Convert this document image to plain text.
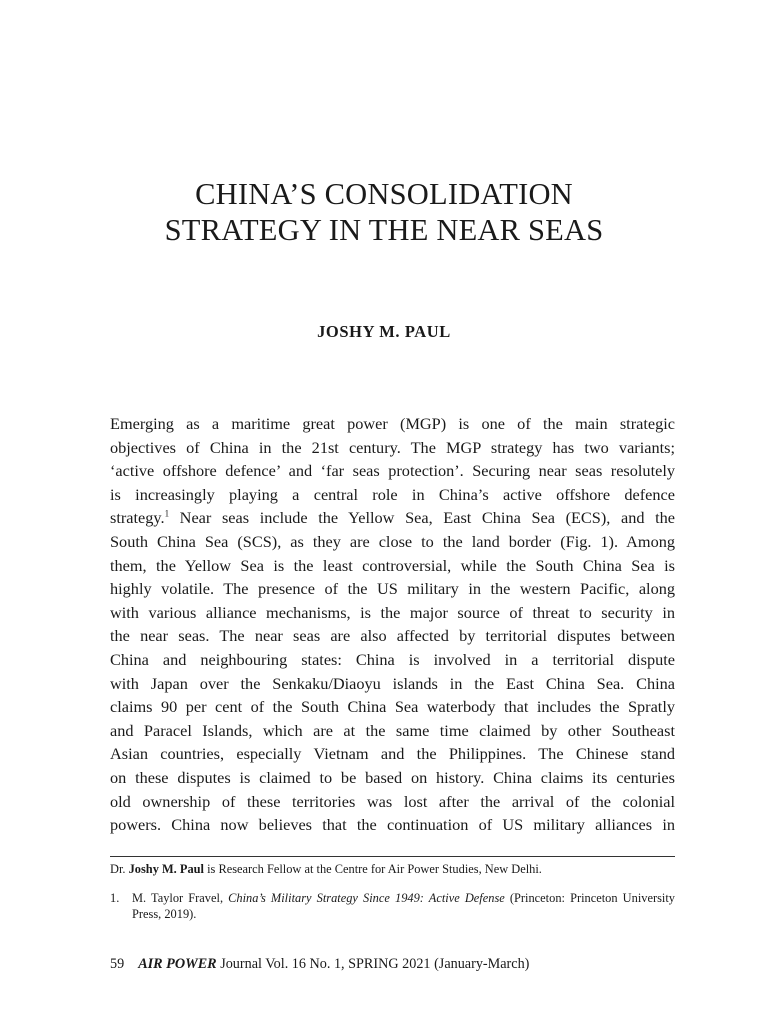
CHINA’S CONSOLIDATION
STRATEGY IN THE NEAR SEAS
JOSHY M. PAUL
Emerging as a maritime great power (MGP) is one of the main strategic
objectives of China in the 21st century. The MGP strategy has two variants;
‘active offshore defence’ and ‘far seas protection’. Securing near seas resolutely
is increasingly playing a central role in China’s active offshore defence
strategy.$^1$ Near seas include the Yellow Sea, East China Sea (ECS), and the
South China Sea (SCS), as they are close to the land border (Fig. 1). Among
them, the Yellow Sea is the least controversial, while the South China Sea is
highly volatile. The presence of the US military in the western Pacific, along
with various alliance mechanisms, is the major source of threat to security in
the near seas. The near seas are also affected by territorial disputes between
China and neighbouring states: China is involved in a territorial dispute
with Japan over the Senkaku/Diaoyu islands in the East China Sea. China
claims 90 per cent of the South China Sea waterbody that includes the Spratly
and Paracel Islands, which are at the same time claimed by other Southeast
Asian countries, especially Vietnam and the Philippines. The Chinese stand
on these disputes is claimed to be based on history. China claims its centuries
old ownership of these territories was lost after the arrival of the colonial
powers. China now believes that the continuation of US military alliances in
Dr. Joshy M. Paul is Research Fellow at the Centre for Air Power Studies, New Delhi.
1.	M. Taylor Fravel, China’s Military Strategy Since 1949: Active Defense (Princeton: Princeton University Press, 2019).
59 AIR POWER Journal Vol. 16 No. 1, SPRING 2021 (January-March)
